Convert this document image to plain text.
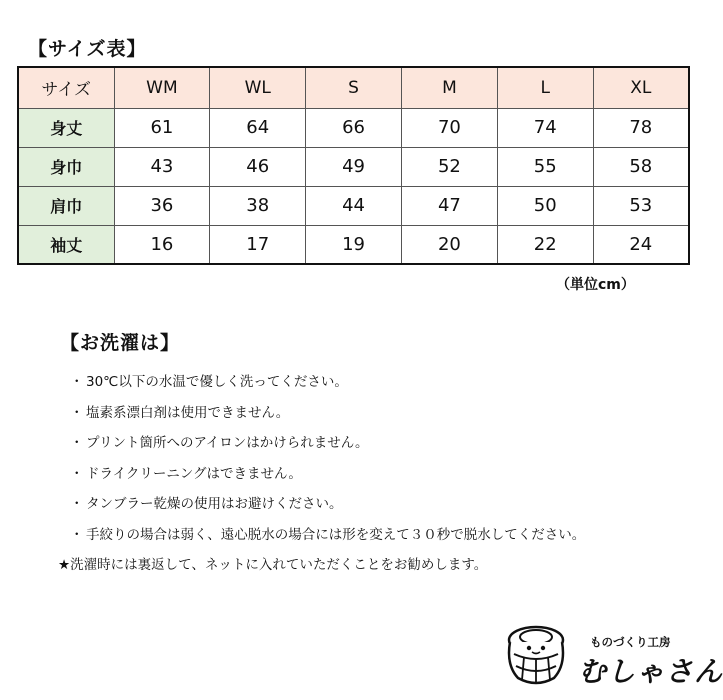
【サイズ表】
サイズ	WM	WL	S	M	L	XL
身丈	61	64	66	70	74	78
身巾	43	46	49	52	55	58
肩巾	36	38	44	47	50	53
袖丈	16	17	19	20	22	24
（単位cm）
【お洗濯は】
・ 30℃以下の水温で優しく洗ってください。
・ 塩素系漂白剤は使用できません。
・ プリント箇所へのアイロンはかけられません。
・ ドライクリーニングはできません。
・ タンブラー乾燥の使用はお避けください。
・ 手絞りの場合は弱く、遠心脱水の場合には形を変えて３０秒で脱水してください。
★洗濯時には裏返して、ネットに入れていただくことをお勧めします。
ものづくり工房
むしゃさん
